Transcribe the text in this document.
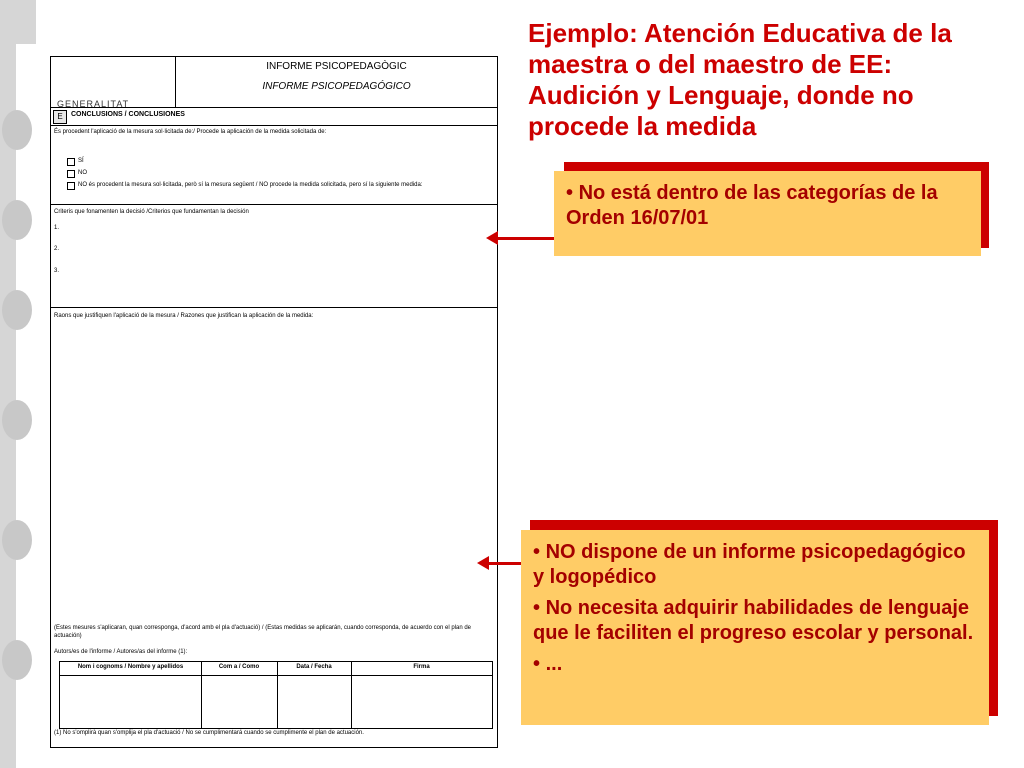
GENERALITAT
INFORME PSICOPEDAGÒGIC
INFORME PSICOPEDAGÓGICO
E	CONCLUSIONS / CONCLUSIONES
És procedent l'aplicació de la mesura sol·licitada de:/ Procede la aplicación de la medida solicitada de:
SÍ
NO
NO és procedent la mesura sol·licitada, però sí la mesura següent / NO procede la medida solicitada, pero sí la siguiente medida:
Criteris que fonamenten la decisió /Criterios que fundamentan la decisión
1.
2.
3.
Raons que justifiquen l'aplicació de la mesura / Razones que justifican la aplicación de la medida:
(Estes mesures s'aplicaran, quan corresponga, d'acord amb el pla d'actuació) / (Estas medidas se aplicarán, cuando corresponda, de acuerdo con el plan de actuación)
Autors/es de l'informe / Autores/as del informe (1):
Nom i cognoms / Nombre y apellidos	Com a / Como	Data / Fecha	Firma
(1) No s'omplirà quan s'omplija el pla d'actuació / No se cumplimentará cuando se cumplimente el plan de actuación.
Ejemplo: Atención Educativa de la maestra o del maestro de EE: Audición y Lenguaje, donde no procede la medida

• No está dentro de las categorías de la Orden 16/07/01

• NO dispone de un informe psicopedagógico y logopédico

• No necesita adquirir habilidades de lenguaje que le faciliten el progreso escolar y personal.

• ...
